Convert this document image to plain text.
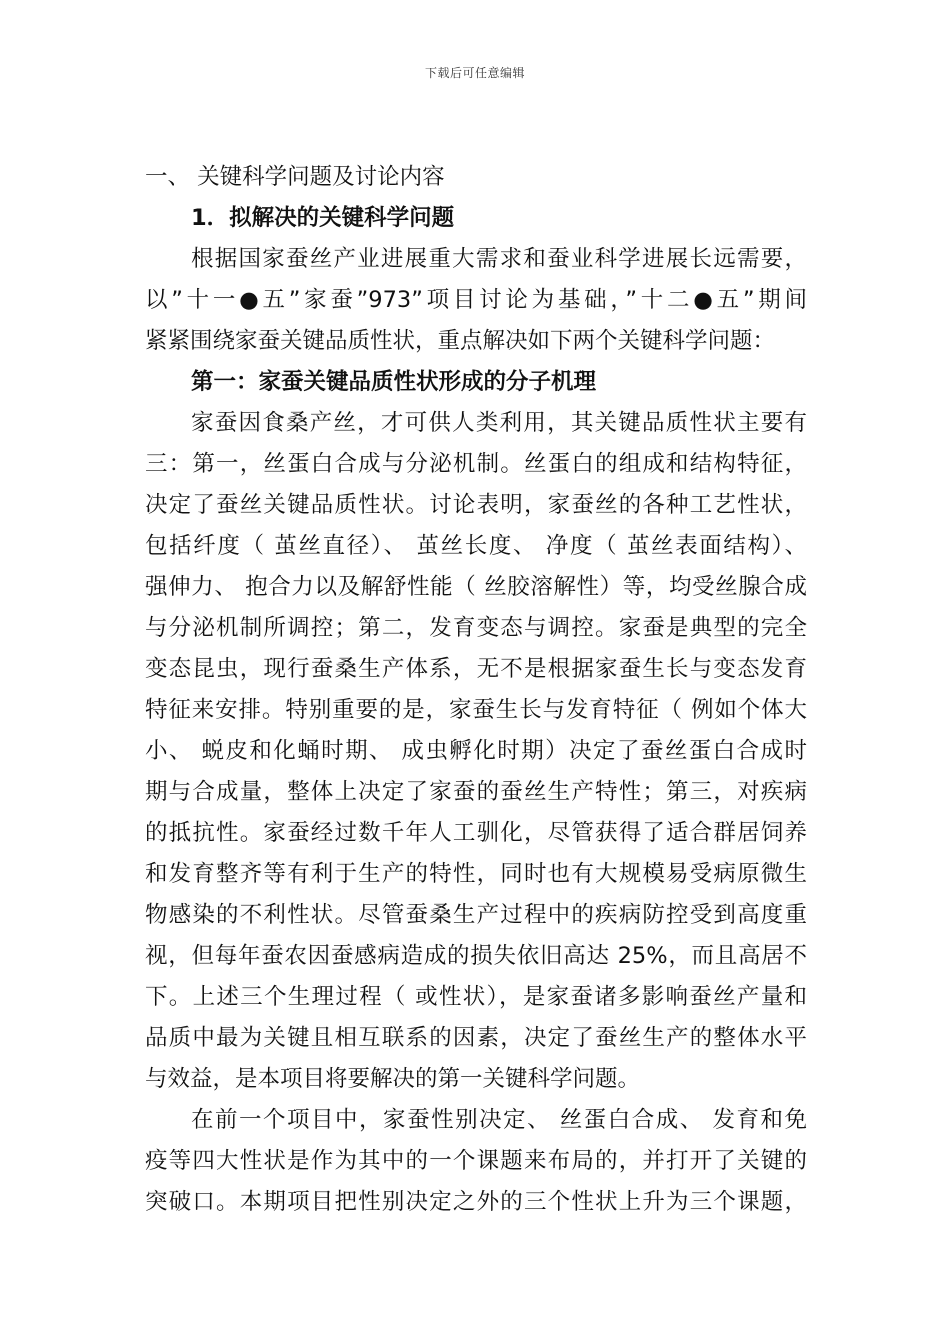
下载后可任意编辑
一、 关键科学问题及讨论内容
1．拟解决的关键科学问题
根据国家蚕丝产业进展重大需求和蚕业科学进展长远需要，
以”十一●五”家蚕”973”项目讨论为基础，”十二●五”期间
紧紧围绕家蚕关键品质性状，重点解决如下两个关键科学问题：
第一：家蚕关键品质性状形成的分子机理
家蚕因食桑产丝，才可供人类利用，其关键品质性状主要有
三：第一，丝蛋白合成与分泌机制。丝蛋白的组成和结构特征，
决定了蚕丝关键品质性状。讨论表明，家蚕丝的各种工艺性状，
包括纤度（ 茧丝直径）、 茧丝长度、 净度（ 茧丝表面结构）、
强伸力、 抱合力以及解舒性能（ 丝胶溶解性）等，均受丝腺合成
与分泌机制所调控；第二，发育变态与调控。家蚕是典型的完全
变态昆虫，现行蚕桑生产体系，无不是根据家蚕生长与变态发育
特征来安排。特别重要的是，家蚕生长与发育特征（ 例如个体大
小、 蜕皮和化蛹时期、 成虫孵化时期）决定了蚕丝蛋白合成时
期与合成量，整体上决定了家蚕的蚕丝生产特性；第三，对疾病
的抵抗性。家蚕经过数千年人工驯化，尽管获得了适合群居饲养
和发育整齐等有利于生产的特性，同时也有大规模易受病原微生
物感染的不利性状。尽管蚕桑生产过程中的疾病防控受到高度重
视，但每年蚕农因蚕感病造成的损失依旧高达 25%，而且高居不
下。上述三个生理过程（ 或性状），是家蚕诸多影响蚕丝产量和
品质中最为关键且相互联系的因素，决定了蚕丝生产的整体水平
与效益，是本项目将要解决的第一关键科学问题。
在前一个项目中，家蚕性别决定、 丝蛋白合成、 发育和免
疫等四大性状是作为其中的一个课题来布局的，并打开了关键的
突破口。本期项目把性别决定之外的三个性状上升为三个课题，
